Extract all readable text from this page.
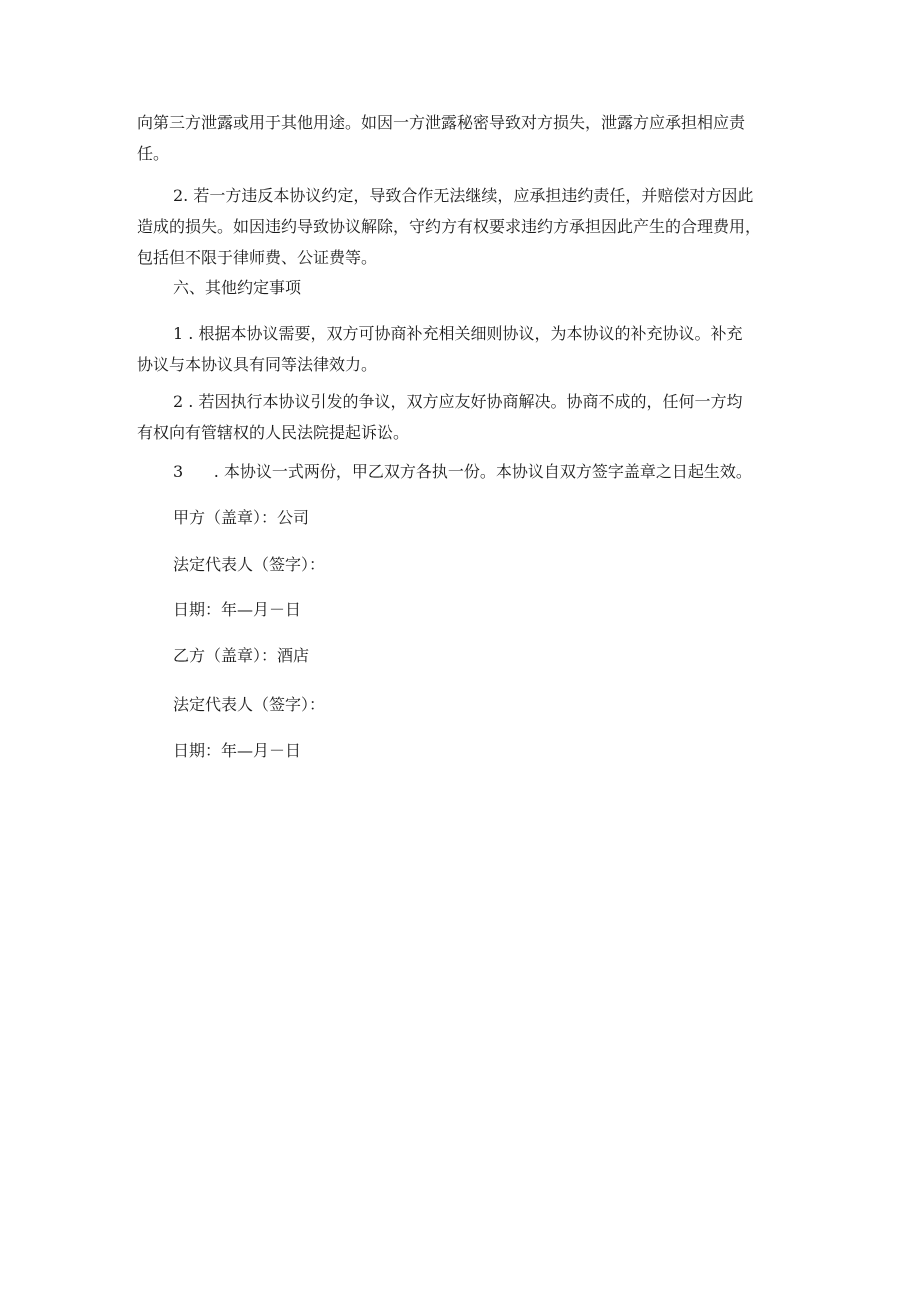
向第三方泄露或用于其他用途。如因一方泄露秘密导致对方损失，泄露方应承担相应责
任。

2. 若一方违反本协议约定，导致合作无法继续，应承担违约责任，并赔偿对方因此
造成的损失。如因违约导致协议解除，守约方有权要求违约方承担因此产生的合理费用，
包括但不限于律师费、公证费等。

六、其他约定事项

1 . 根据本协议需要，双方可协商补充相关细则协议，为本协议的补充协议。补充
协议与本协议具有同等法律效力。

2 . 若因执行本协议引发的争议，双方应友好协商解决。协商不成的，任何一方均
有权向有管辖权的人民法院提起诉讼。

3      . 本协议一式两份，甲乙双方各执一份。本协议自双方签字盖章之日起生效。

甲方（盖章）：公司

法定代表人（签字）：

日期：年—月－日

乙方（盖章）：酒店

法定代表人（签字）：

日期：年—月－日
